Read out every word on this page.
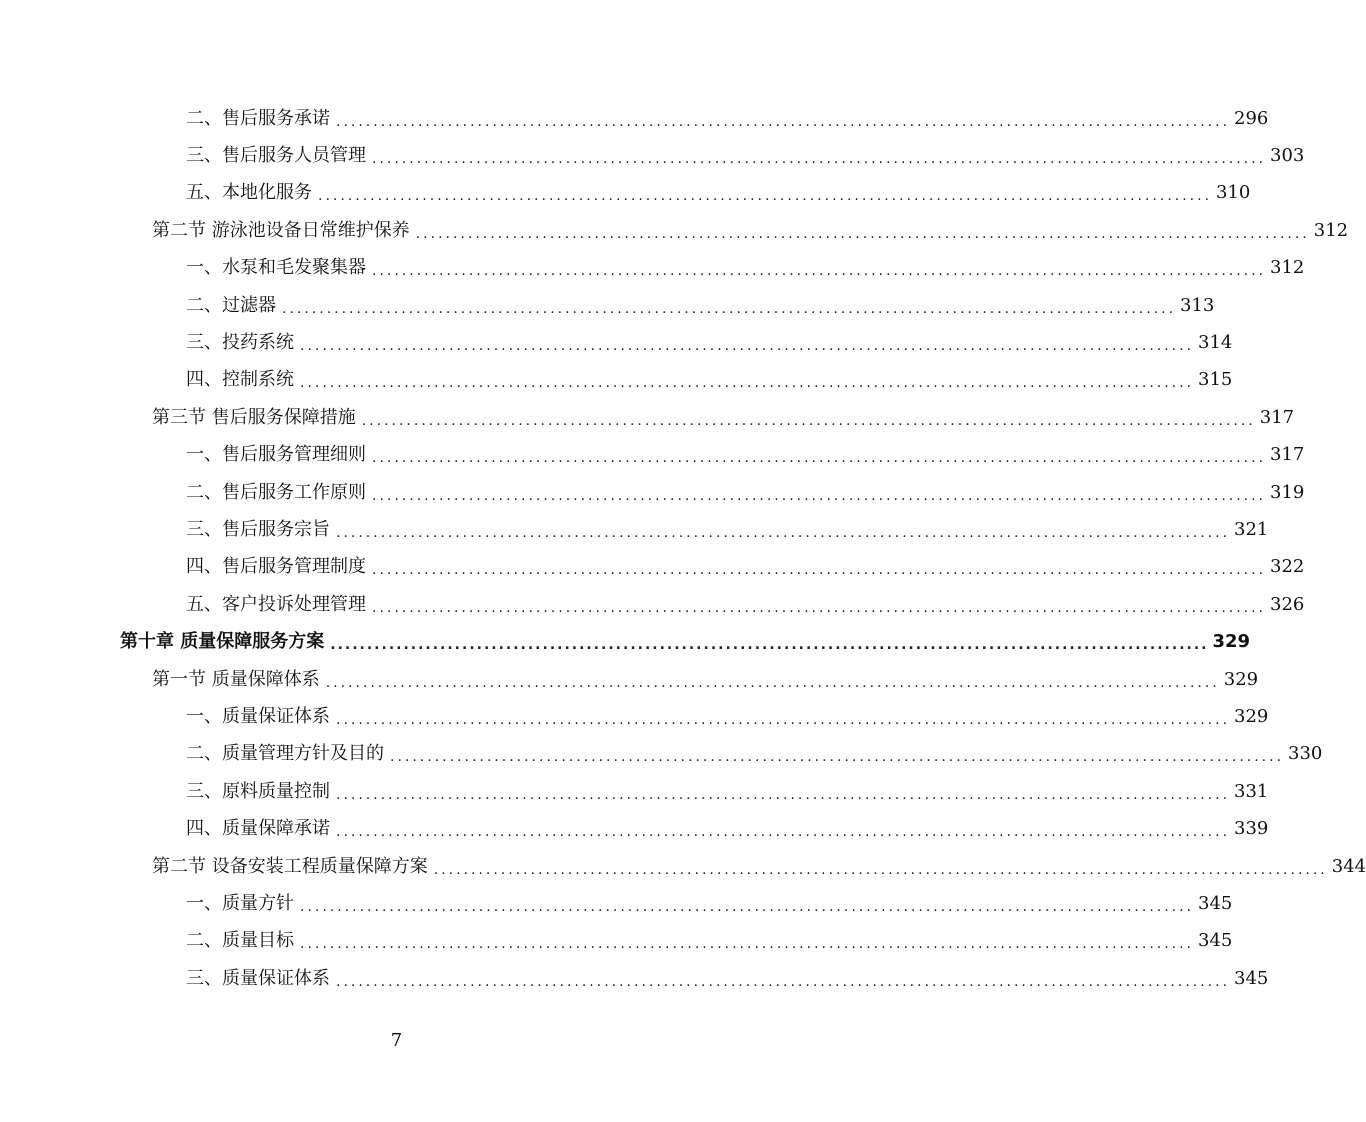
二、售后服务承诺 ........................................................................................................................ 296
三、售后服务人员管理 ........................................................................................................................ 303
五、本地化服务 ........................................................................................................................ 310
第二节 游泳池设备日常维护保养 ........................................................................................................................ 312
一、水泵和毛发聚集器 ........................................................................................................................ 312
二、过滤器 ........................................................................................................................ 313
三、投药系统 ........................................................................................................................ 314
四、控制系统 ........................................................................................................................ 315
第三节 售后服务保障措施 ........................................................................................................................ 317
一、售后服务管理细则 ........................................................................................................................ 317
二、售后服务工作原则 ........................................................................................................................ 319
三、售后服务宗旨 ........................................................................................................................ 321
四、售后服务管理制度 ........................................................................................................................ 322
五、客户投诉处理管理 ........................................................................................................................ 326
第十章 质量保障服务方案 ........................................................................................................................ 329
第一节 质量保障体系 ........................................................................................................................ 329
一、质量保证体系 ........................................................................................................................ 329
二、质量管理方针及目的 ........................................................................................................................ 330
三、原料质量控制 ........................................................................................................................ 331
四、质量保障承诺 ........................................................................................................................ 339
第二节 设备安装工程质量保障方案 ........................................................................................................................ 344
一、质量方针 ........................................................................................................................ 345
二、质量目标 ........................................................................................................................ 345
三、质量保证体系 ........................................................................................................................ 345
7
